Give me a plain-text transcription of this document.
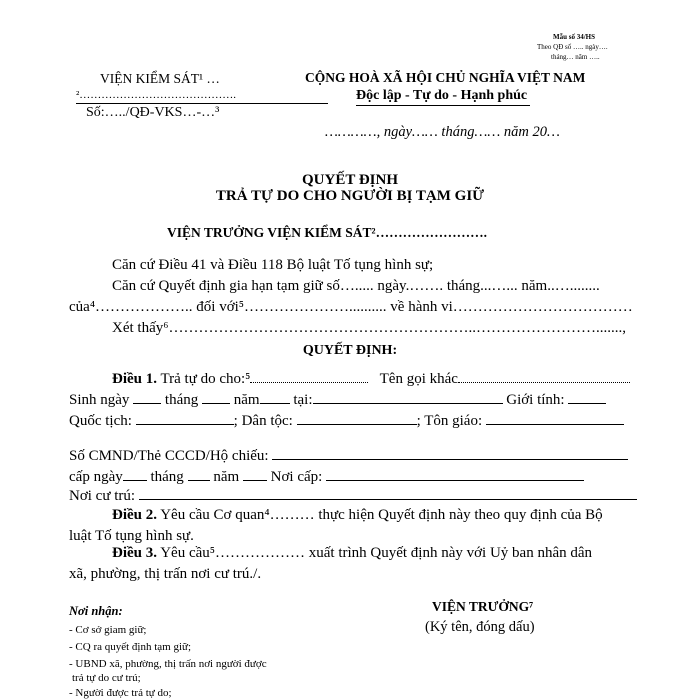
Mẫu số 34/HS
Theo QĐ số ….. ngày….
tháng… năm …..
VIỆN KIỂM SÁT¹ …
²…………………………………….
Số:…../QĐ-VKS…-…³
CỘNG HOÀ XÃ HỘI CHỦ NGHĨA VIỆT NAM
Độc lập - Tự do - Hạnh phúc
…………, ngày…… tháng…… năm 20…
QUYẾT ĐỊNH
TRẢ TỰ DO CHO NGƯỜI BỊ TẠM GIỮ
VIỆN TRƯỞNG VIỆN KIỂM SÁT²…………………….
Căn cứ Điều 41 và Điều 118 Bộ luật Tố tụng hình sự;
Căn cứ Quyết định gia hạn tạm giữ số…..... ngày.……. tháng...…... năm..…........
của⁴……………….. đối với⁵………………….......... về hành vi………………………………
Xét thấy⁶……………………………………………………..…………………….......,
QUYẾT ĐỊNH:
Điều 1. Trả tự do cho:⁵	Tên gọi khác
Sinh ngày tháng năm tại:	Giới tính:
Quốc tịch:	; Dân tộc:	; Tôn giáo:
Số CMND/Thẻ CCCD/Hộ chiếu:
cấp ngày tháng năm Nơi cấp:
Nơi cư trú:
Điều 2. Yêu cầu Cơ quan⁴……… thực hiện Quyết định này theo quy định của Bộ
luật Tố tụng hình sự.
Điều 3. Yêu cầu⁵……………… xuất trình Quyết định này với Uỷ ban nhân dân
xã, phường, thị trấn nơi cư trú./.
Nơi nhận:
- Cơ sở giam giữ;
- CQ ra quyết định tạm giữ;
- UBND xã, phường, thị trấn nơi người được
trả tự do cư trú;
- Người được trả tự do;
VIỆN TRƯỞNG⁷
(Ký tên, đóng dấu)
